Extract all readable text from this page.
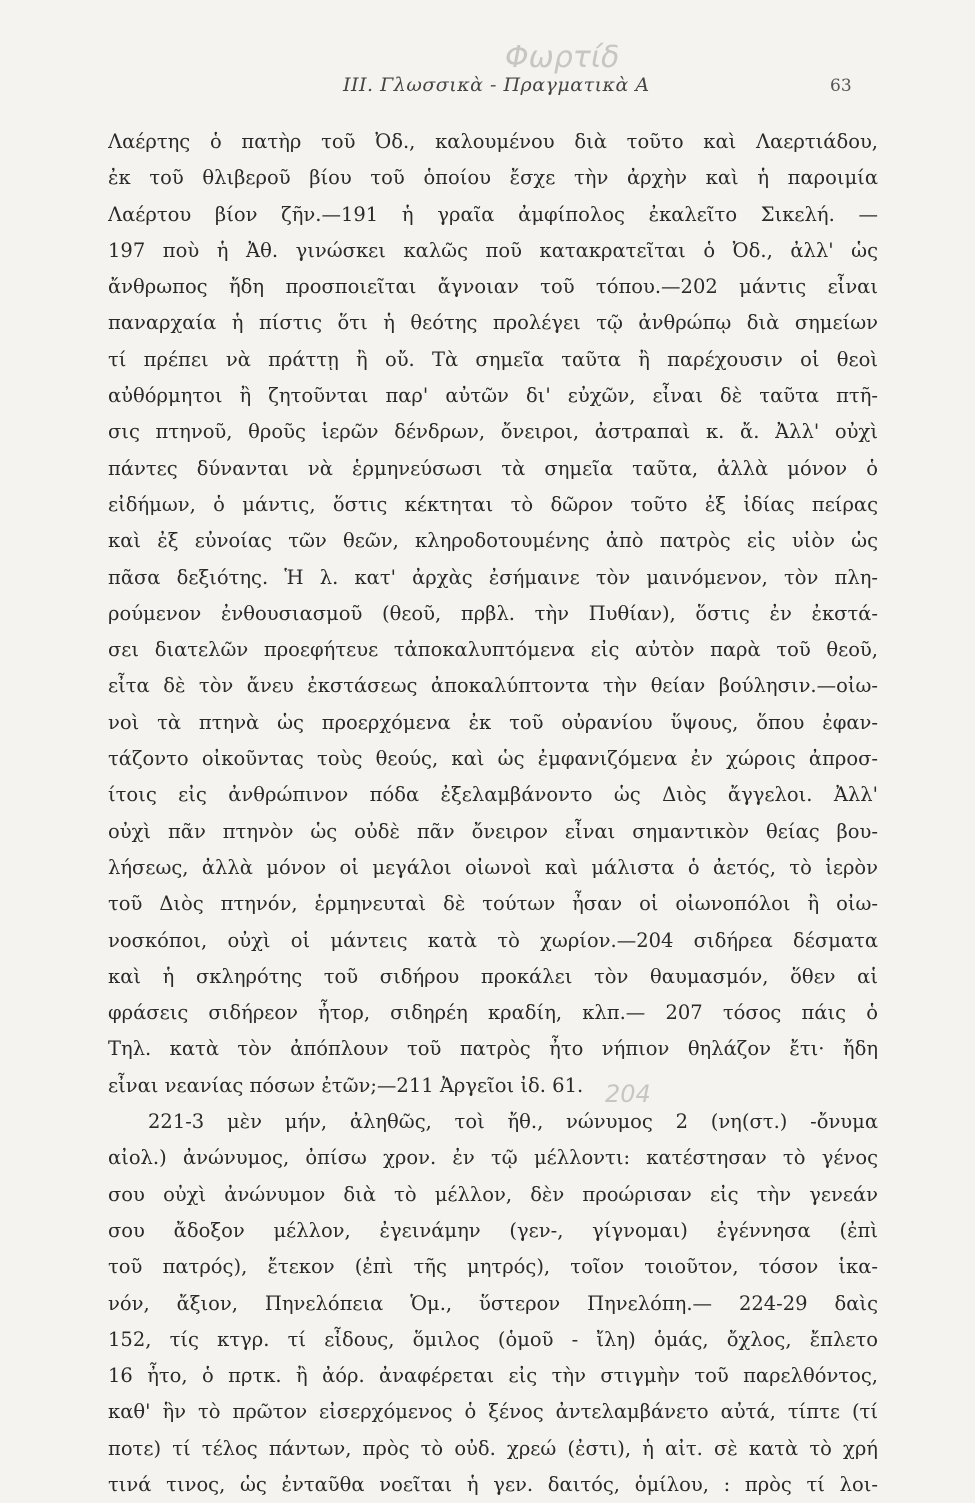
Φωρτίδ
III. Γλωσσικὰ - Πραγματικὰ Α	63
Λαέρτης ὁ πατὴρ τοῦ Ὀδ., καλουμένου διὰ τοῦτο καὶ Λαερτιάδου,
ἐκ τοῦ θλιβεροῦ βίου τοῦ ὁποίου ἔσχε τὴν ἀρχὴν καὶ ἡ παροιμία
Λαέρτου βίον ζῆν.—191 ἡ γραῖα ἀμφίπολος ἐκαλεῖτο Σικελή. —
197 ποὺ ἡ Ἀθ. γινώσκει καλῶς ποῦ κατακρατεῖται ὁ Ὀδ., ἀλλ' ὡς
ἄνθρωπος ἤδη προσποιεῖται ἄγνοιαν τοῦ τόπου.—202 μάντις εἶναι
παναρχαία ἡ πίστις ὅτι ἡ θεότης προλέγει τῷ ἀνθρώπῳ διὰ σημείων
τί πρέπει νὰ πράττῃ ἢ οὔ. Τὰ σημεῖα ταῦτα ἢ παρέχουσιν οἱ θεοὶ
αὐθόρμητοι ἢ ζητοῦνται παρ' αὐτῶν δι' εὐχῶν, εἶναι δὲ ταῦτα πτῆ-
σις πτηνοῦ, θροῦς ἱερῶν δένδρων, ὄνειροι, ἀστραπαὶ κ. ἄ. Ἀλλ' οὐχὶ
πάντες δύνανται νὰ ἑρμηνεύσωσι τὰ σημεῖα ταῦτα, ἀλλὰ μόνον ὁ
εἰδήμων, ὁ μάντις, ὅστις κέκτηται τὸ δῶρον τοῦτο ἐξ ἰδίας πείρας
καὶ ἐξ εὐνοίας τῶν θεῶν, κληροδοτουμένης ἀπὸ πατρὸς εἰς υἱὸν ὡς
πᾶσα δεξιότης. Ἡ λ. κατ' ἀρχὰς ἐσήμαινε τὸν μαινόμενον, τὸν πλη-
ρούμενον ἐνθουσιασμοῦ (θεοῦ, πρβλ. τὴν Πυθίαν), ὅστις ἐν ἐκστά-
σει διατελῶν προεφήτευε τἀποκαλυπτόμενα εἰς αὐτὸν παρὰ τοῦ θεοῦ,
εἶτα δὲ τὸν ἄνευ ἐκστάσεως ἀποκαλύπτοντα τὴν θείαν βούλησιν.—οἰω-
νοὶ τὰ πτηνὰ ὡς προερχόμενα ἐκ τοῦ οὐρανίου ὕψους, ὅπου ἐφαν-
τάζοντο οἰκοῦντας τοὺς θεούς, καὶ ὡς ἐμφανιζόμενα ἐν χώροις ἀπροσ-
ίτοις εἰς ἀνθρώπινον πόδα ἐξελαμβάνοντο ὡς Διὸς ἄγγελοι. Ἀλλ'
οὐχὶ πᾶν πτηνὸν ὡς οὐδὲ πᾶν ὄνειρον εἶναι σημαντικὸν θείας βου-
λήσεως, ἀλλὰ μόνον οἱ μεγάλοι οἰωνοὶ καὶ μάλιστα ὁ ἀετός, τὸ ἱερὸν
τοῦ Διὸς πτηνόν, ἑρμηνευταὶ δὲ τούτων ἦσαν οἱ οἰωνοπόλοι ἢ οἰω-
νοσκόποι, οὐχὶ οἱ μάντεις κατὰ τὸ χωρίον.—204 σιδήρεα δέσματα
καὶ ἡ σκληρότης τοῦ σιδήρου προκάλει τὸν θαυμασμόν, ὅθεν αἱ
φράσεις σιδήρεον ἦτορ, σιδηρέη κραδίη, κλπ.— 207 τόσος πάις ὁ
Τηλ. κατὰ τὸν ἀπόπλουν τοῦ πατρὸς ἦτο νήπιον θηλάζον ἔτι· ἤδη
εἶναι νεανίας πόσων ἐτῶν;—211 Ἀργεῖοι ἰδ. 61.
221-3 μὲν μήν, ἀληθῶς, τοὶ ἤθ., νώνυμος 2 (νη(στ.) -ὄνυμα
αἰολ.) ἀνώνυμος, ὀπίσω χρον. ἐν τῷ μέλλοντι: κατέστησαν τὸ γένος
σου οὐχὶ ἀνώνυμον διὰ τὸ μέλλον, δὲν προώρισαν εἰς τὴν γενεάν
σου ἄδοξον μέλλον, ἐγεινάμην (γεν-, γίγνομαι) ἐγέννησα (ἐπὶ
τοῦ πατρός), ἔτεκον (ἐπὶ τῆς μητρός), τοῖον τοιοῦτον, τόσον ἱκα-
νόν, ἄξιον, Πηνελόπεια Ὁμ., ὕστερον Πηνελόπη.— 224-29 δαὶς
152, τίς κτγρ. τί εἶδους, ὅμιλος (ὁμοῦ - ἴλη) ὁμάς, ὄχλος, ἔπλετο
16 ἦτο, ὁ πρτκ. ἢ ἀόρ. ἀναφέρεται εἰς τὴν στιγμὴν τοῦ παρελθόντος,
καθ' ἣν τὸ πρῶτον εἰσερχόμενος ὁ ξένος ἀντελαμβάνετο αὐτά, τίπτε (τί
ποτε) τί τέλος πάντων, πρὸς τὸ οὐδ. χρεώ (ἐστι), ἡ αἰτ. σὲ κατὰ τὸ χρή
τινά τινος, ὡς ἐνταῦθα νοεῖται ἡ γεν. δαιτός, ὁμίλου, : πρὸς τί λοι-
204
